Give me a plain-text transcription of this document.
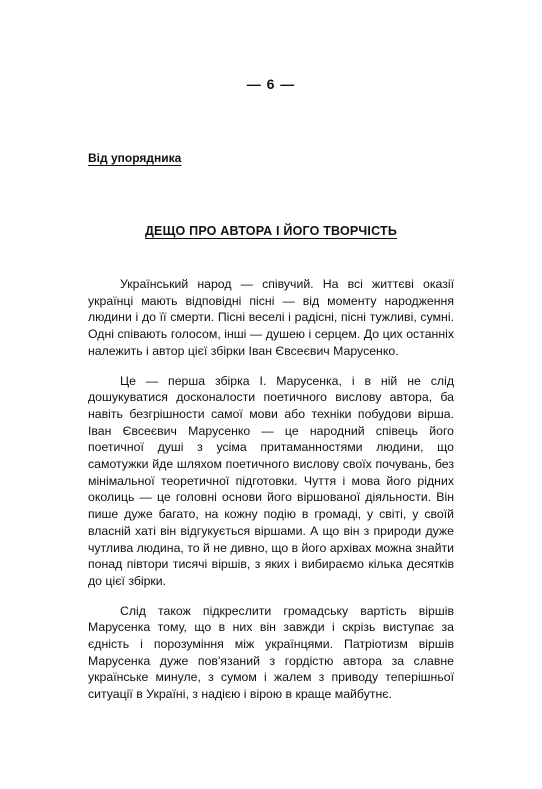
— 6 —
Від упорядника
ДЕЩО ПРО АВТОРА І ЙОГО ТВОРЧІСТЬ

Український народ — співучий. На всі життєві оказії українці мають відповідні пісні — від моменту народження людини і до її смерти. Пісні веселі і радісні, пісні тужливі, сумні. Одні співають голосом, інші — душею і серцем. До цих останніх належить і автор цієї збірки Іван Євсеєвич Марусенко.

Це — перша збірка І. Марусенка, і в ній не слід дошукуватися досконалости поетичного вислову автора, ба навіть безгрішности самої мови або техніки побудови вірша. Іван Євсеєвич Марусенко — це народний співець його поетичної душі з усіма притаманностями людини, що самотужки йде шляхом поетичного вислову своїх почувань, без мінімальної теоретичної підготовки. Чуття і мова його рідних околиць — це головні основи його віршованої діяльности. Він пише дуже багато, на кожну подію в громаді, у світі, у своїй власній хаті він відгукується віршами. А що він з природи дуже чутлива людина, то й не дивно, що в його архівах можна знайти понад півтори тисячі віршів, з яких і вибираємо кілька десятків до цієї збірки.

Слід також підкреслити громадську вартість віршів Марусенка тому, що в них він завжди і скрізь виступає за єдність і порозуміння між українцями. Патріотизм віршів Марусенка дуже пов'язаний з гордістю автора за славне українське минуле, з сумом і жалем з приводу теперішньої ситуації в Україні, з надією і вірою в краще майбутнє.
